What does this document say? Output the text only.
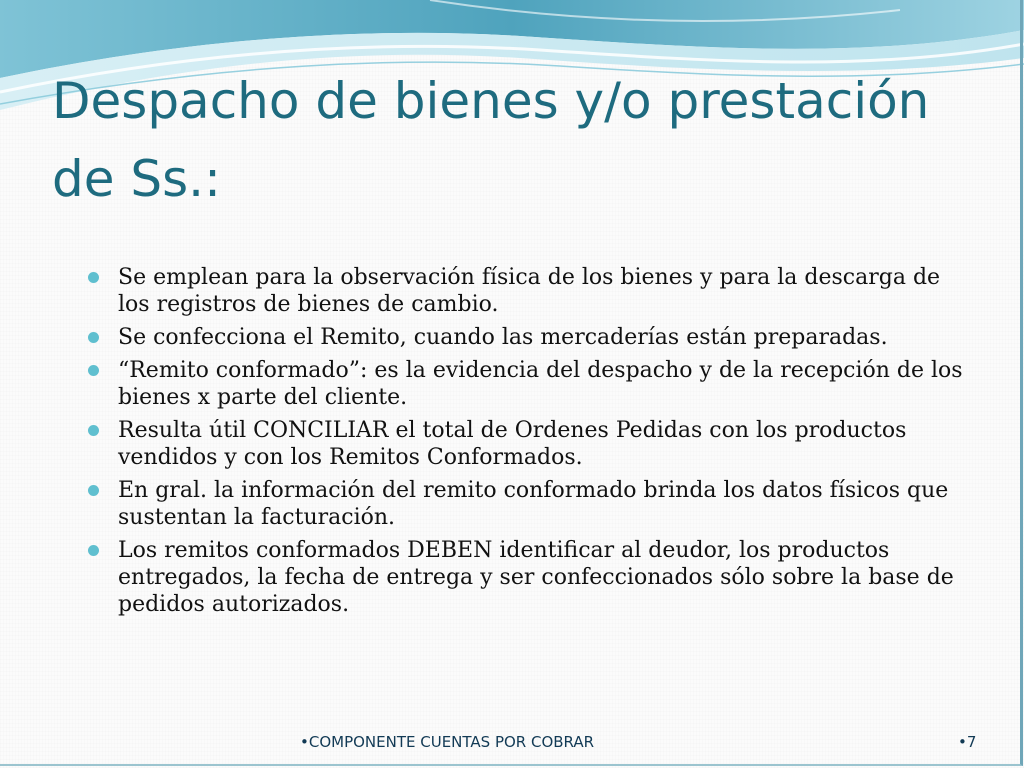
Despacho de bienes y/o prestación de Ss.:
Se emplean para la observación física de los bienes y para la descarga de los registros de bienes de cambio.
Se confecciona el Remito, cuando las mercaderías están preparadas.
“Remito conformado”: es la evidencia del despacho y de la recepción de los bienes x parte del cliente.
Resulta útil CONCILIAR el total de Ordenes Pedidas con los productos vendidos y con los Remitos Conformados.
En gral. la información del remito conformado brinda los datos físicos que sustentan la facturación.
Los remitos conformados DEBEN identificar al deudor, los productos entregados, la fecha de entrega y ser confeccionados sólo sobre la base de pedidos autorizados.
•COMPONENTE CUENTAS POR COBRAR	•7
